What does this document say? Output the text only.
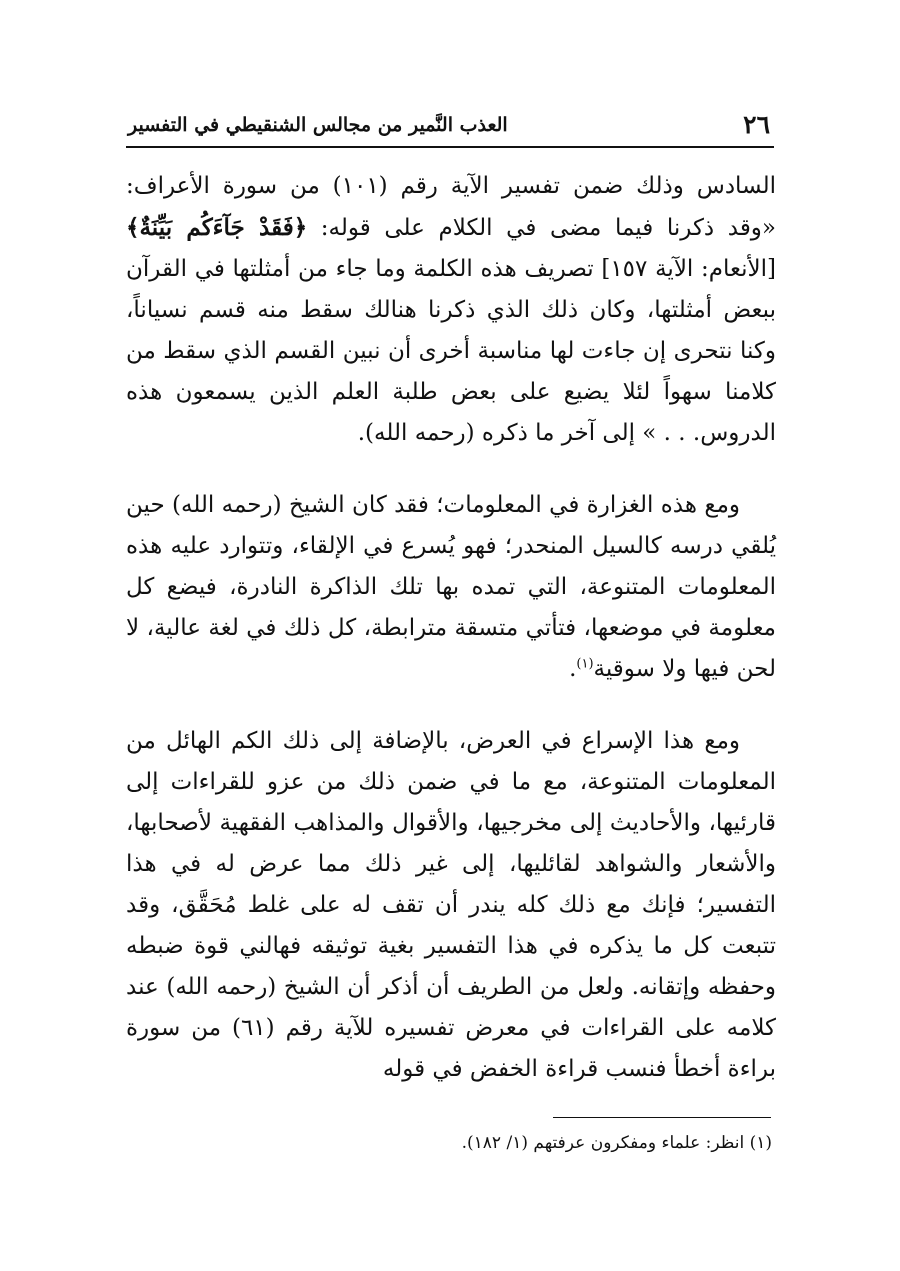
٢٦
العذب النَّمير من مجالس الشنقيطي في التفسير

السادس وذلك ضمن تفسير الآية رقم (١٠١) من سورة الأعراف: «وقد ذكرنا فيما مضى في الكلام على قوله: ﴿فَقَدْ جَآءَكُم بَيِّنَةٌ﴾[الأنعام: الآية ١٥٧] تصريف هذه الكلمة وما جاء من أمثلتها في القرآن ببعض أمثلتها، وكان ذلك الذي ذكرنا هنالك سقط منه قسم نسياناً، وكنا نتحرى إن جاءت لها مناسبة أخرى أن نبين القسم الذي سقط من كلامنا سهواً لئلا يضيع على بعض طلبة العلم الذين يسمعون هذه الدروس. . . » إلى آخر ما ذكره (رحمه الله).

ومع هذه الغزارة في المعلومات؛ فقد كان الشيخ (رحمه الله) حين يُلقي درسه كالسيل المنحدر؛ فهو يُسرع في الإلقاء، وتتوارد عليه هذه المعلومات المتنوعة، التي تمده بها تلك الذاكرة النادرة، فيضع كل معلومة في موضعها، فتأتي متسقة مترابطة، كل ذلك في لغة عالية، لا لحن فيها ولا سوقية$^{(١)}$.

ومع هذا الإسراع في العرض، بالإضافة إلى ذلك الكم الهائل من المعلومات المتنوعة، مع ما في ضمن ذلك من عزو للقراءات إلى قارئيها، والأحاديث إلى مخرجيها، والأقوال والمذاهب الفقهية لأصحابها، والأشعار والشواهد لقائليها، إلى غير ذلك مما عرض له في هذا التفسير؛ فإنك مع ذلك كله يندر أن تقف له على غلط مُحَقَّق، وقد تتبعت كل ما يذكره في هذا التفسير بغية توثيقه فهالني قوة ضبطه وحفظه وإتقانه. ولعل من الطريف أن أذكر أن الشيخ (رحمه الله) عند كلامه على القراءات في معرض تفسيره للآية رقم (٦١) من سورة براءة أخطأ فنسب قراءة الخفض في قوله

(١) انظر: علماء ومفكرون عرفتهم (١/ ١٨٢).
